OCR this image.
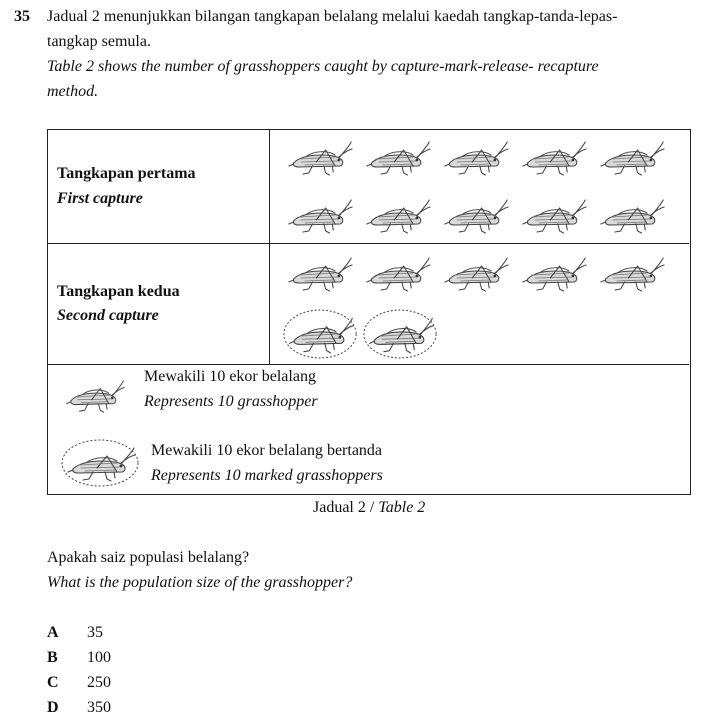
35 Jadual 2 menunjukkan bilangan tangkapan belalang melalui kaedah tangkap-tanda-lepas-
tangkap semula.
Table 2 shows the number of grasshoppers caught by capture-mark-release- recapture
method.
Tangkapan pertama
First capture
Tangkapan kedua
Second capture
Mewakili 10 ekor belalang
Represents 10 grasshopper
Mewakili 10 ekor belalang bertanda
Represents 10 marked grasshoppers
Jadual 2 / Table 2
Apakah saiz populasi belalang?
What is the population size of the grasshopper?
A 35
B 100
C 250
D 350
